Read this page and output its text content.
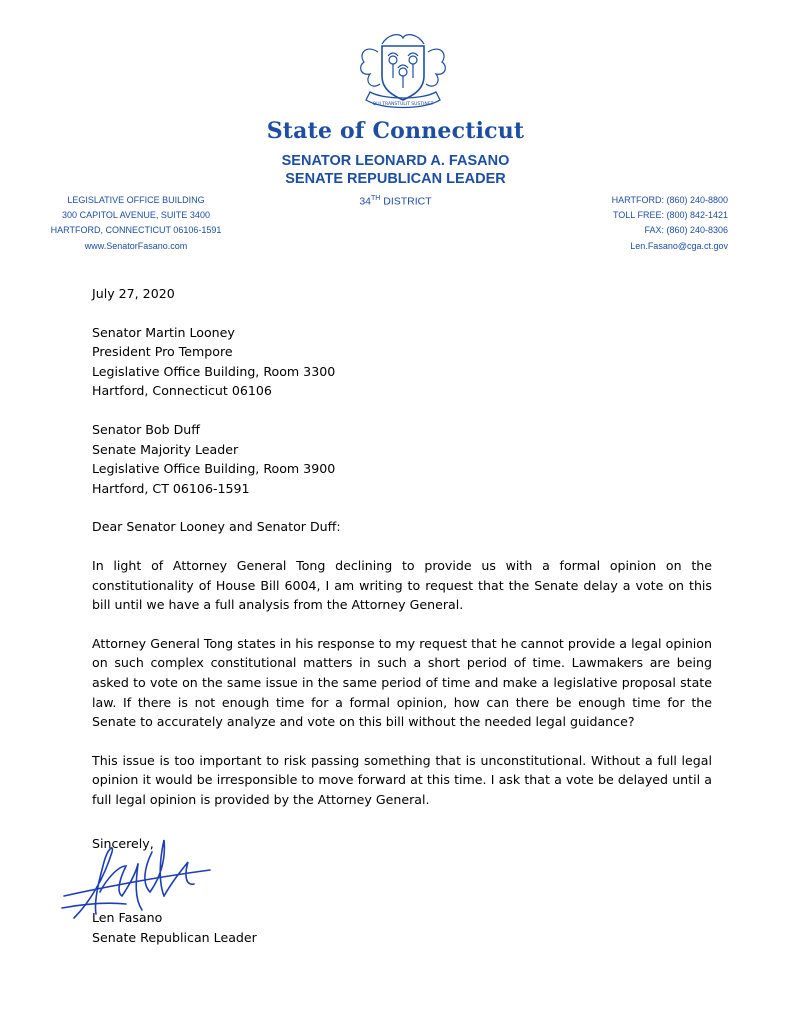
QUI TRANSTULIT SUSTINET
State of Connecticut
SENATOR LEONARD A. FASANO
SENATE REPUBLICAN LEADER
34TH DISTRICT
LEGISLATIVE OFFICE BUILDING
300 CAPITOL AVENUE, SUITE 3400
HARTFORD, CONNECTICUT 06106-1591
www.SenatorFasano.com
HARTFORD: (860) 240-8800
TOLL FREE: (800) 842-1421
FAX: (860) 240-8306
Len.Fasano@cga.ct.gov
July 27, 2020
Senator Martin Looney
President Pro Tempore
Legislative Office Building, Room 3300
Hartford, Connecticut 06106
Senator Bob Duff
Senate Majority Leader
Legislative Office Building, Room 3900
Hartford, CT 06106-1591
Dear Senator Looney and Senator Duff:

In light of Attorney General Tong declining to provide us with a formal opinion on the constitutionality of House Bill 6004, I am writing to request that the Senate delay a vote on this bill until we have a full analysis from the Attorney General.

Attorney General Tong states in his response to my request that he cannot provide a legal opinion on such complex constitutional matters in such a short period of time. Lawmakers are being asked to vote on the same issue in the same period of time and make a legislative proposal state law. If there is not enough time for a formal opinion, how can there be enough time for the Senate to accurately analyze and vote on this bill without the needed legal guidance?

This issue is too important to risk passing something that is unconstitutional. Without a full legal opinion it would be irresponsible to move forward at this time. I ask that a vote be delayed until a full legal opinion is provided by the Attorney General.

Sincerely,
Len Fasano
Senate Republican Leader
